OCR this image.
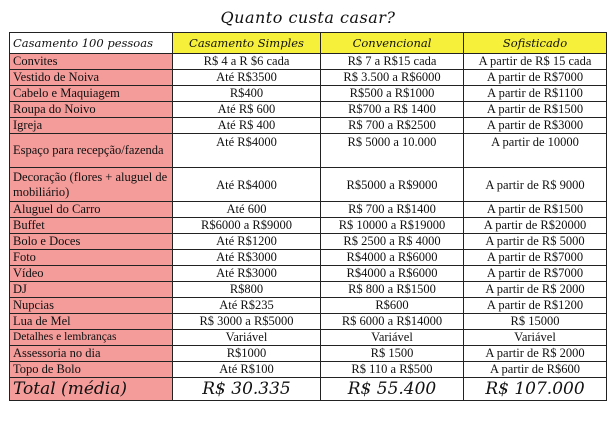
Quanto custa casar?
Casamento 100 pessoas	Casamento Simples	Convencional	Sofisticado
Convites	R$ 4 a R $6 cada	R$ 7 a R$15 cada	A partir de R$ 15 cada
Vestido de Noiva	Até R$3500	R$ 3.500 a R$6000	A partir de R$7000
Cabelo e Maquiagem	R$400	R$500 a R$1000	A partir de R$1100
Roupa do Noivo	Até R$ 600	R$700 a R$ 1400	A partir de R$1500
Igreja	Até R$ 400	R$ 700 a R$2500	A partir de R$3000
Espaço para recepção/fazenda	Até R$4000	R$ 5000 a 10.000	A partir de 10000
Decoração (flores + aluguel de mobiliário)	Até R$4000	R$5000 a R$9000	A partir de R$ 9000
Aluguel do Carro	Até 600	R$ 700 a R$1400	A partir de R$1500
Buffet	R$6000 a R$9000	R$ 10000 a R$19000	A partir de R$20000
Bolo e Doces	Até R$1200	R$ 2500 a R$ 4000	A partir de R$ 5000
Foto	Até R$3000	R$4000 a R$6000	A partir de R$7000
Vídeo	Até R$3000	R$4000 a R$6000	A partir de R$7000
DJ	R$800	R$ 800 a R$1500	A partir de R$ 2000
Nupcias	Até R$235	R$600	A partir de R$1200
Lua de Mel	R$ 3000 a R$5000	R$ 6000 a R$14000	R$ 15000
Detalhes e lembranças	Variável	Variável	Variável
Assessoria no dia	R$1000	R$ 1500	A partir de R$ 2000
Topo de Bolo	Até R$100	R$ 110 a R$500	A partir de R$600
Total (média)	R$ 30.335	R$ 55.400	R$ 107.000
